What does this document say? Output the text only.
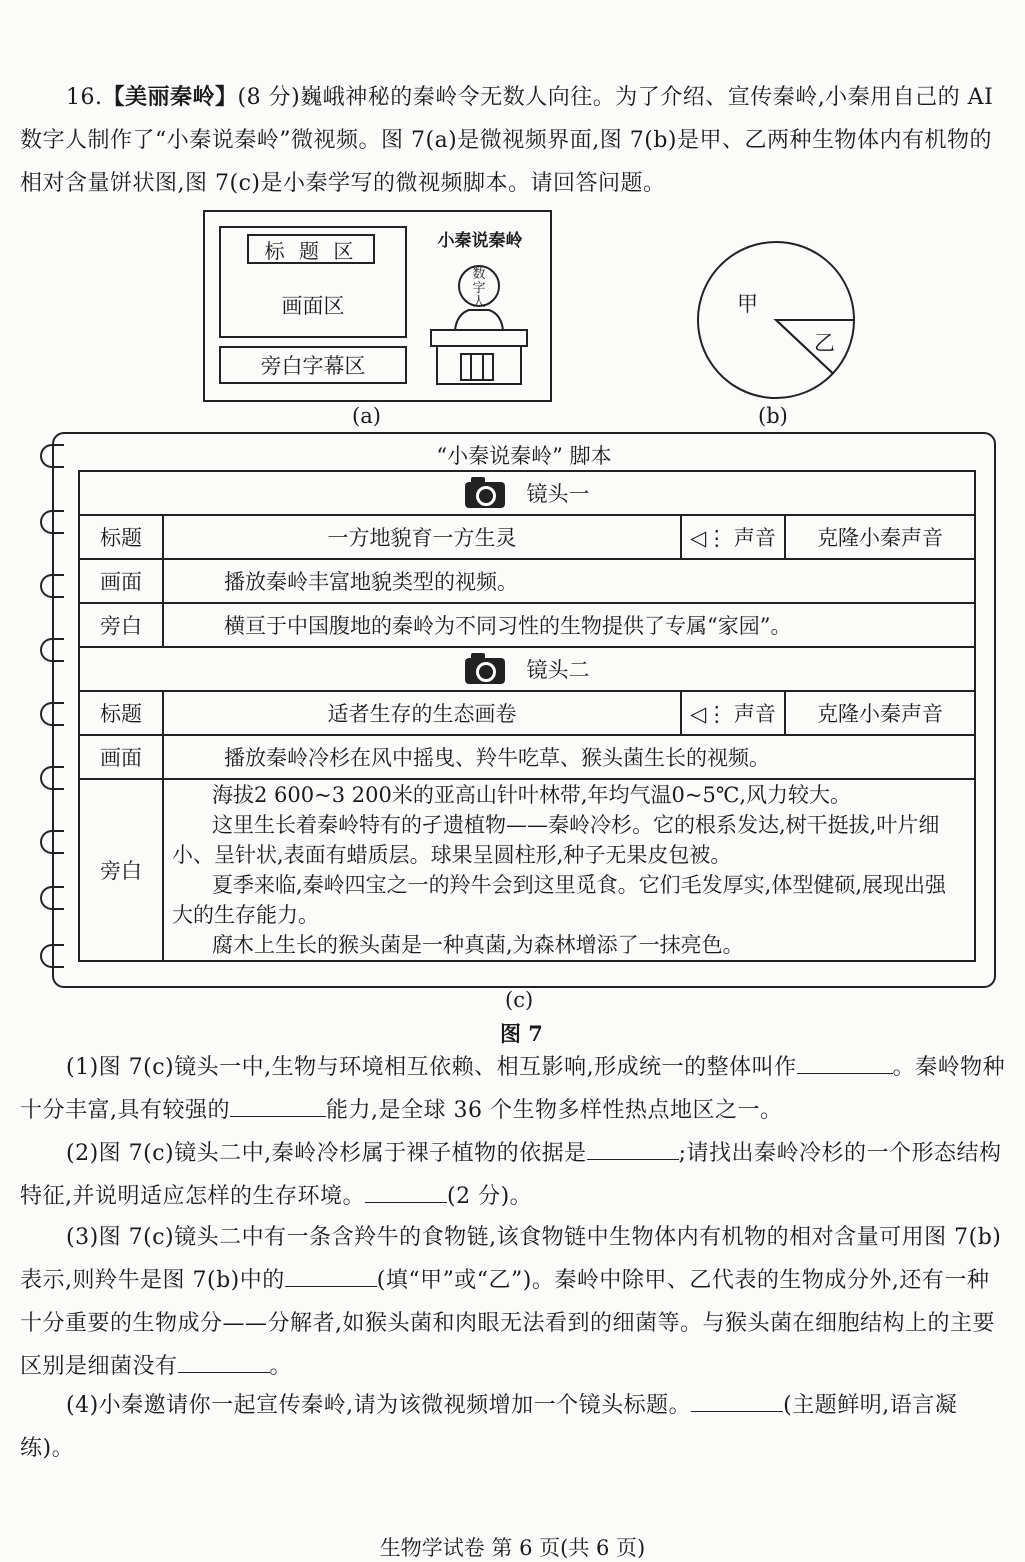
16.【美丽秦岭】(8 分)巍峨神秘的秦岭令无数人向往。为了介绍、宣传秦岭,小秦用自己的 AI 数字人制作了“小秦说秦岭”微视频。图 7(a)是微视频界面,图 7(b)是甲、乙两种生物体内有机物的相对含量饼状图,图 7(c)是小秦学写的微视频脚本。请回答问题。
标 题 区
画面区
旁白字幕区
小秦说秦岭
数字人
(a)
甲
乙
(b)
“小秦说秦岭” 脚本
镜头一			
标题	一方地貌育一方生灵	◁⋮ 声音	克隆小秦声音
画面	播放秦岭丰富地貌类型的视频。		
旁白	横亘于中国腹地的秦岭为不同习性的生物提供了专属“家园”。		
镜头二			
标题	适者生存的生态画卷	◁⋮ 声音	克隆小秦声音
画面	播放秦岭冷杉在风中摇曳、羚牛吃草、猴头菌生长的视频。		
旁白	海拔2 600~3 200米的亚高山针叶林带,年均气温0~5℃,风力较大。

这里生长着秦岭特有的孑遗植物——秦岭冷杉。它的根系发达,树干挺拔,叶片细小、呈针状,表面有蜡质层。球果呈圆柱形,种子无果皮包被。

夏季来临,秦岭四宝之一的羚牛会到这里觅食。它们毛发厚实,体型健硕,展现出强大的生存能力。

腐木上生长的猴头菌是一种真菌,为森林增添了一抹亮色。		

(c)
图 7
(1)图 7(c)镜头一中,生物与环境相互依赖、相互影响,形成统一的整体叫作	。秦岭物种十分丰富,具有较强的	能力,是全球 36 个生物多样性热点地区之一。
(2)图 7(c)镜头二中,秦岭冷杉属于裸子植物的依据是	;请找出秦岭冷杉的一个形态结构特征,并说明适应怎样的生存环境。	(2 分)。
(3)图 7(c)镜头二中有一条含羚牛的食物链,该食物链中生物体内有机物的相对含量可用图 7(b)表示,则羚牛是图 7(b)中的	(填“甲”或“乙”)。秦岭中除甲、乙代表的生物成分外,还有一种十分重要的生物成分——分解者,如猴头菌和肉眼无法看到的细菌等。与猴头菌在细胞结构上的主要区别是细菌没有	。
(4)小秦邀请你一起宣传秦岭,请为该微视频增加一个镜头标题。	(主题鲜明,语言凝练)。
生物学试卷 第 6 页(共 6 页)
